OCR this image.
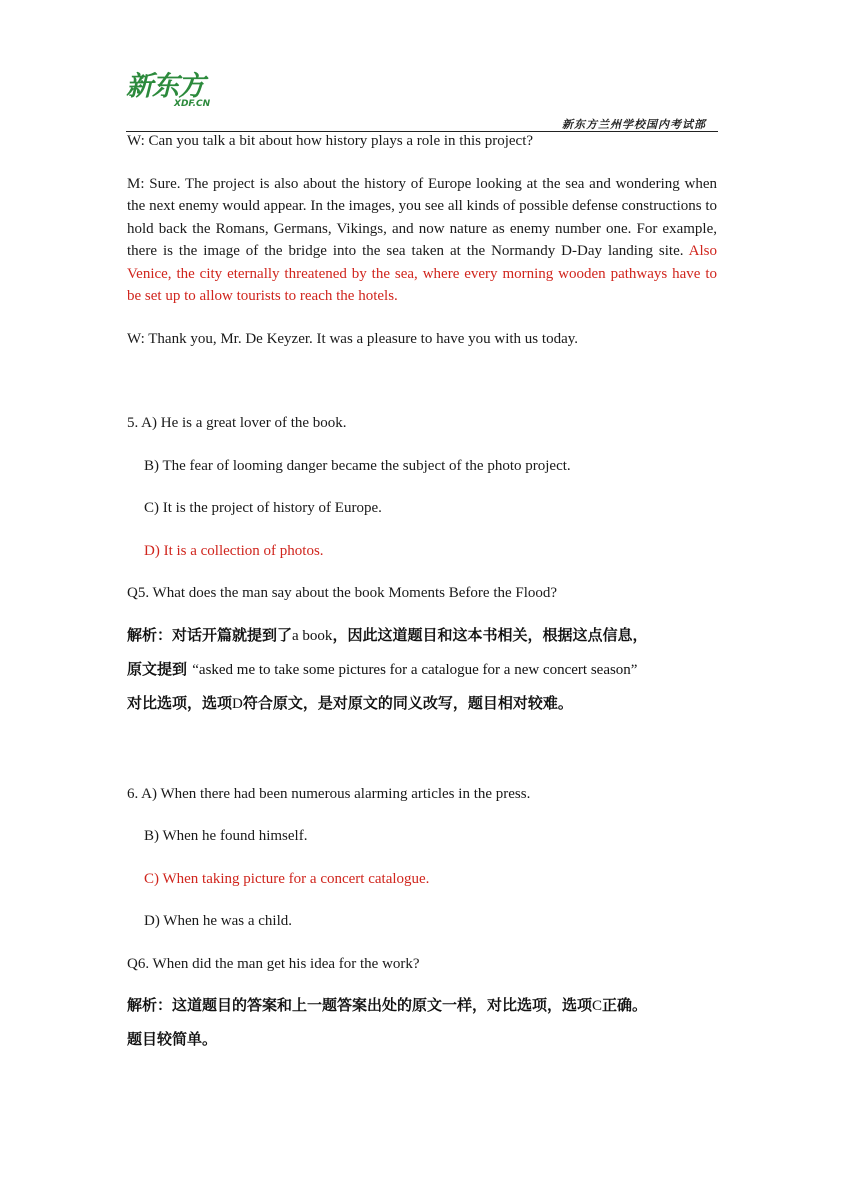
新东方
XDF.CN
新东方兰州学校国内考试部

W: Can you talk a bit about how history plays a role in this project?

M: Sure. The project is also about the history of Europe looking at the sea and wondering when the next enemy would appear. In the images, you see all kinds of possible defense constructions to hold back the Romans, Germans, Vikings, and now nature as enemy number one. For example, there is the image of the bridge into the sea taken at the Normandy D-Day landing site. Also Venice, the city eternally threatened by the sea, where every morning wooden pathways have to be set up to allow tourists to reach the hotels.

W: Thank you, Mr. De Keyzer. It was a pleasure to have you with us today.

5. A) He is a great lover of the book.

B) The fear of looming danger became the subject of the photo project.

C) It is the project of history of Europe.

D) It is a collection of photos.

Q5. What does the man say about the book Moments Before the Flood?

解析：对话开篇就提到了a book，因此这道题目和这本书相关，根据这点信息，

原文提到 “asked me to take some pictures for a catalogue for a new concert season”

对比选项，选项D符合原文，是对原文的同义改写，题目相对较难。

6. A) When there had been numerous alarming articles in the press.

B) When he found himself.

C) When taking picture for a concert catalogue.

D) When he was a child.

Q6. When did the man get his idea for the work?

解析：这道题目的答案和上一题答案出处的原文一样，对比选项，选项C正确。

题目较简单。
